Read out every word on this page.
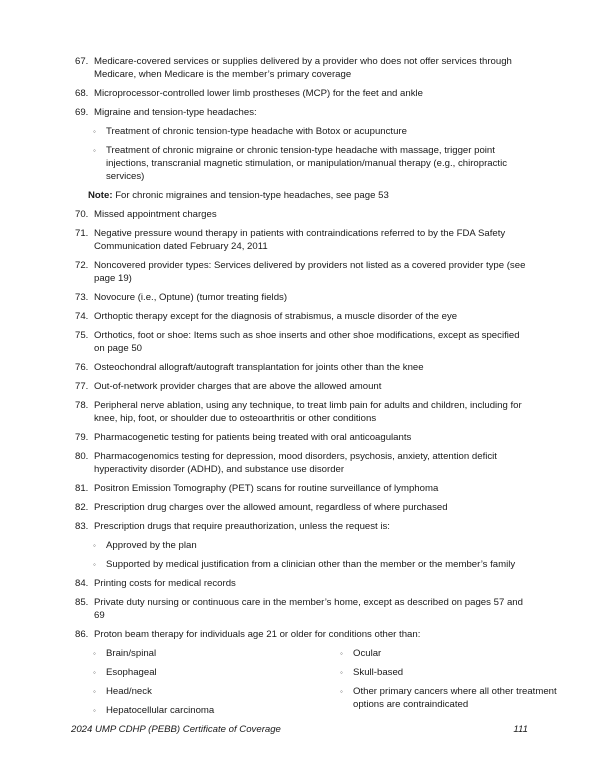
67. Medicare-covered services or supplies delivered by a provider who does not offer services through Medicare, when Medicare is the member’s primary coverage
68. Microprocessor-controlled lower limb prostheses (MCP) for the feet and ankle
69. Migraine and tension-type headaches:
◦ Treatment of chronic tension-type headache with Botox or acupuncture
◦ Treatment of chronic migraine or chronic tension-type headache with massage, trigger point injections, transcranial magnetic stimulation, or manipulation/manual therapy (e.g., chiropractic services)
Note: For chronic migraines and tension-type headaches, see page 53
70. Missed appointment charges
71. Negative pressure wound therapy in patients with contraindications referred to by the FDA Safety Communication dated February 24, 2011
72. Noncovered provider types: Services delivered by providers not listed as a covered provider type (see page 19)
73. Novocure (i.e., Optune) (tumor treating fields)
74. Orthoptic therapy except for the diagnosis of strabismus, a muscle disorder of the eye
75. Orthotics, foot or shoe: Items such as shoe inserts and other shoe modifications, except as specified on page 50
76. Osteochondral allograft/autograft transplantation for joints other than the knee
77. Out-of-network provider charges that are above the allowed amount
78. Peripheral nerve ablation, using any technique, to treat limb pain for adults and children, including for knee, hip, foot, or shoulder due to osteoarthritis or other conditions
79. Pharmacogenetic testing for patients being treated with oral anticoagulants
80. Pharmacogenomics testing for depression, mood disorders, psychosis, anxiety, attention deficit hyperactivity disorder (ADHD), and substance use disorder
81. Positron Emission Tomography (PET) scans for routine surveillance of lymphoma
82. Prescription drug charges over the allowed amount, regardless of where purchased
83. Prescription drugs that require preauthorization, unless the request is:
◦ Approved by the plan
◦ Supported by medical justification from a clinician other than the member or the member’s family
84. Printing costs for medical records
85. Private duty nursing or continuous care in the member’s home, except as described on pages 57 and 69
86. Proton beam therapy for individuals age 21 or older for conditions other than:
◦ Brain/spinal
◦ Esophageal
◦ Head/neck
◦ Hepatocellular carcinoma
◦ Ocular
◦ Skull-based
◦ Other primary cancers where all other treatment options are contraindicated
2024 UMP CDHP (PEBB) Certificate of Coverage	111
